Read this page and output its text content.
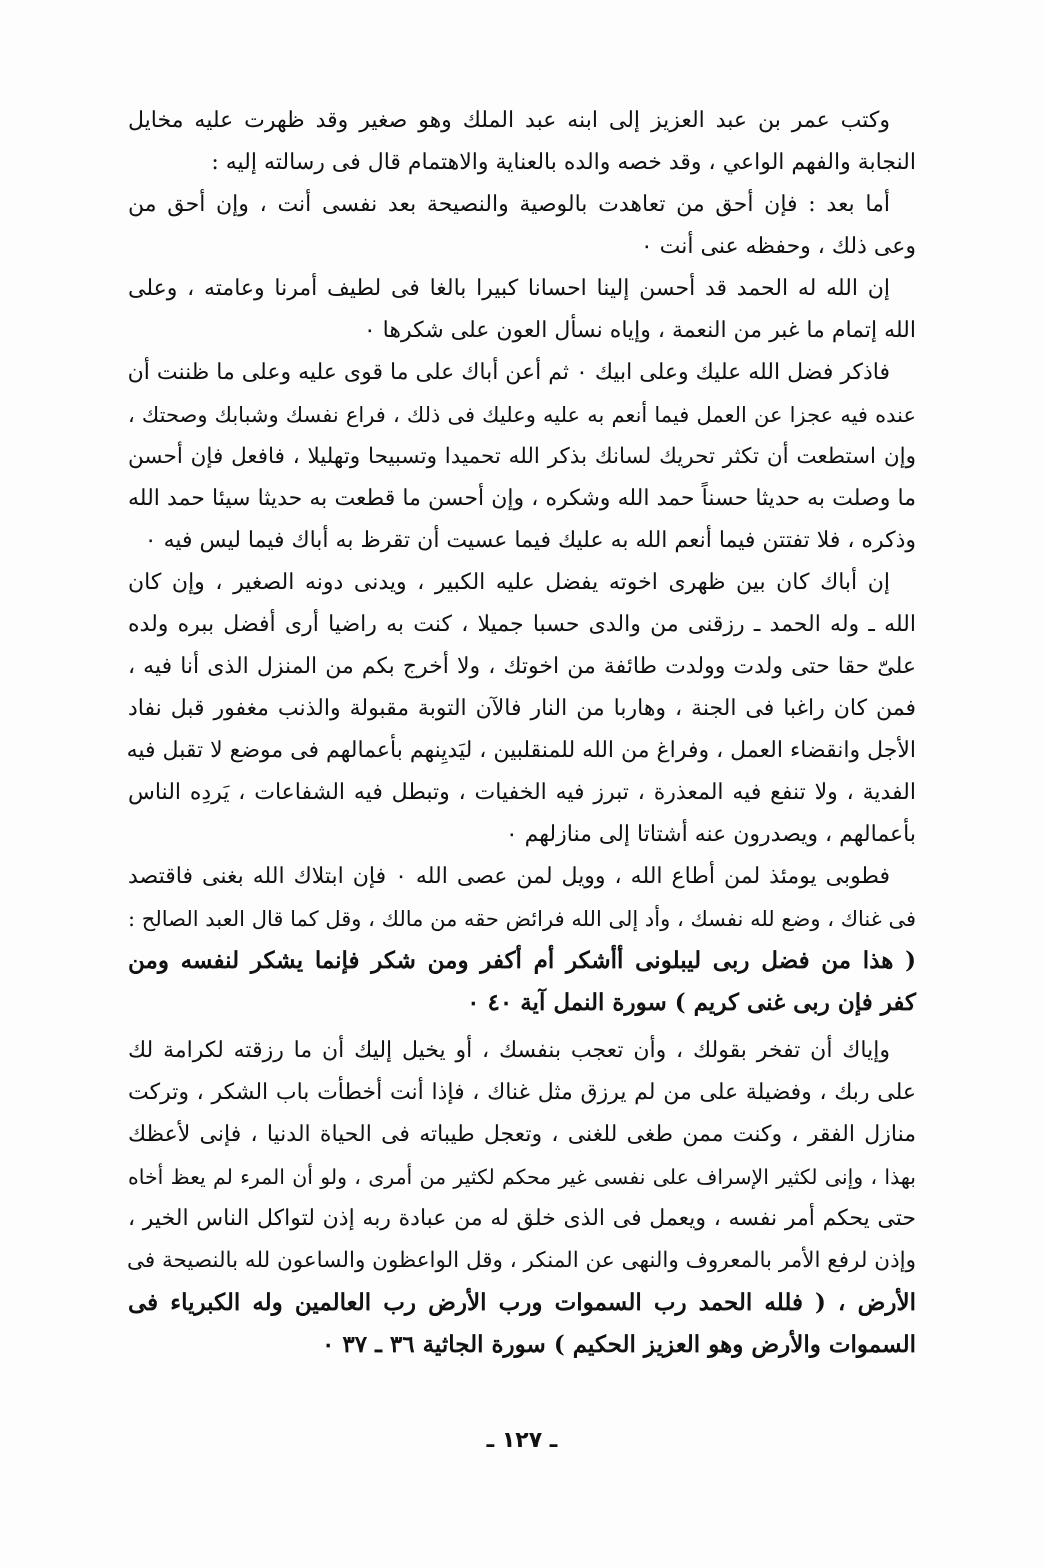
وكتب عمر بن عبد العزيز إلى ابنه عبد الملك وهو صغير وقد ظهرت عليه مخايل
النجابة والفهم الواعي ، وقد خصه والده بالعناية والاهتمام قال فى رسالته إليه :
أما بعد : فإن أحق من تعاهدت بالوصية والنصيحة بعد نفسى أنت ، وإن أحق من
وعى ذلك ، وحفظه عنى أنت ٠
إن الله له الحمد قد أحسن إلينا احسانا كبيرا بالغا فى لطيف أمرنا وعامته ، وعلى
الله إتمام ما غبر من النعمة ، وإياه نسأل العون على شكرها ٠
فاذكر فضل الله عليك وعلى ابيك ٠ ثم أعن أباك على ما قوى عليه وعلى ما ظننت أن
عنده فيه عجزا عن العمل فيما أنعم به عليه وعليك فى ذلك ، فراع نفسك وشبابك وصحتك ،
وإن استطعت أن تكثر تحريك لسانك بذكر الله تحميدا وتسبيحا وتهليلا ، فافعل فإن أحسن
ما وصلت به حديثا حسناً حمد الله وشكره ، وإن أحسن ما قطعت به حديثا سيئا حمد الله
وذكره ، فلا تفتتن فيما أنعم الله به عليك فيما عسيت أن تقرظ به أباك فيما ليس فيه ٠
إن أباك كان بين ظهرى اخوته يفضل عليه الكبير ، ويدنى دونه الصغير ، وإن كان
الله ـ وله الحمد ـ رزقنى من والدى حسبا جميلا ، كنت به راضيا أرى أفضل ببره ولده
علىّ حقا حتى ولدت وولدت طائفة من اخوتك ، ولا أخرج بكم من المنزل الذى أنا فيه ،
فمن كان راغبا فى الجنة ، وهاربا من النار فالآن التوبة مقبولة والذنب مغفور قبل نفاد
الأجل وانقضاء العمل ، وفراغ من الله للمنقلبين ، ليَديِنهم بأعمالهم فى موضع لا تقبل فيه
الفدية ، ولا تنفع فيه المعذرة ، تبرز فيه الخفيات ، وتبطل فيه الشفاعات ، يَردِه الناس
بأعمالهم ، ويصدرون عنه أشتاتا إلى منازلهم ٠
فطوبى يومئذ لمن أطاع الله ، وويل لمن عصى الله ٠ فإن ابتلاك الله بغنى فاقتصد
فى غناك ، وضع لله نفسك ، وأد إلى الله فرائض حقه من مالك ، وقل كما قال العبد الصالح :
( هذا من فضل ربى ليبلونى أأشكر أم أكفر ومن شكر فإنما يشكر لنفسه ومن
كفر فإن ربى غنى كريم ) سورة النمل آية ٤٠ ٠
وإياك أن تفخر بقولك ، وأن تعجب بنفسك ، أو يخيل إليك أن ما رزقته لكرامة لك
على ربك ، وفضيلة على من لم يرزق مثل غناك ، فإذا أنت أخطأت باب الشكر ، وتركت
منازل الفقر ، وكنت ممن طغى للغنى ، وتعجل طيباته فى الحياة الدنيا ، فإنى لأعظك
بهذا ، وإنى لكثير الإسراف على نفسى غير محكم لكثير من أمرى ، ولو أن المرء لم يعظ أخاه
حتى يحكم أمر نفسه ، ويعمل فى الذى خلق له من عبادة ربه إذن لتواكل الناس الخير ،
وإذن لرفع الأمر بالمعروف والنهى عن المنكر ، وقل الواعظون والساعون لله بالنصيحة فى
الأرض ، ( فلله الحمد رب السموات ورب الأرض رب العالمين وله الكبرياء فى
السموات والأرض وهو العزيز الحكيم ) سورة الجاثية ٣٦ ـ ٣٧ ٠
ـ ١٢٧ ـ
